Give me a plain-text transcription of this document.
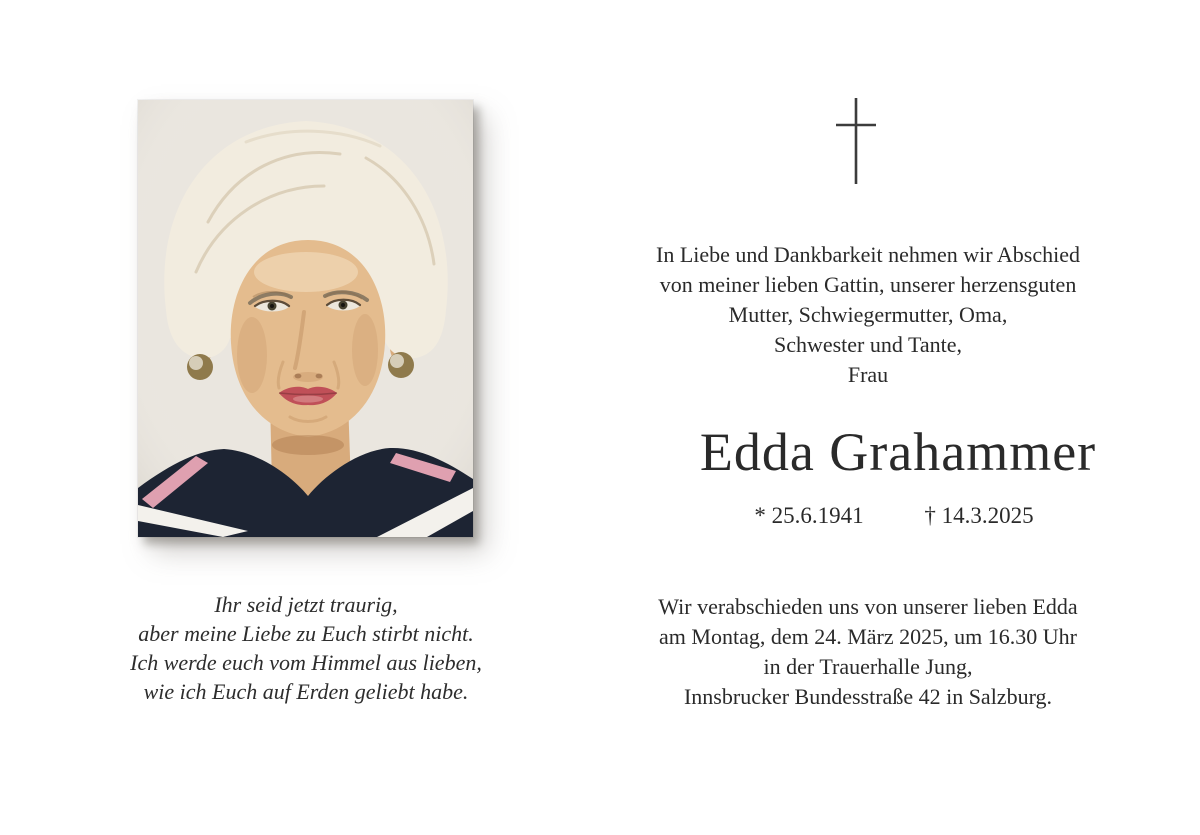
Ihr seid jetzt traurig,
aber meine Liebe zu Euch stirbt nicht.
Ich werde euch vom Himmel aus lieben,
wie ich Euch auf Erden geliebt habe.
In Liebe und Dankbarkeit nehmen wir Abschied
von meiner lieben Gattin, unserer herzensguten
Mutter, Schwiegermutter, Oma,
Schwester und Tante,
Frau
Edda Grahammer
* 25.6.1941	† 14.3.2025
Wir verabschieden uns von unserer lieben Edda
am Montag, dem 24. März 2025, um 16.30 Uhr
in der Trauerhalle Jung,
Innsbrucker Bundesstraße 42 in Salzburg.
